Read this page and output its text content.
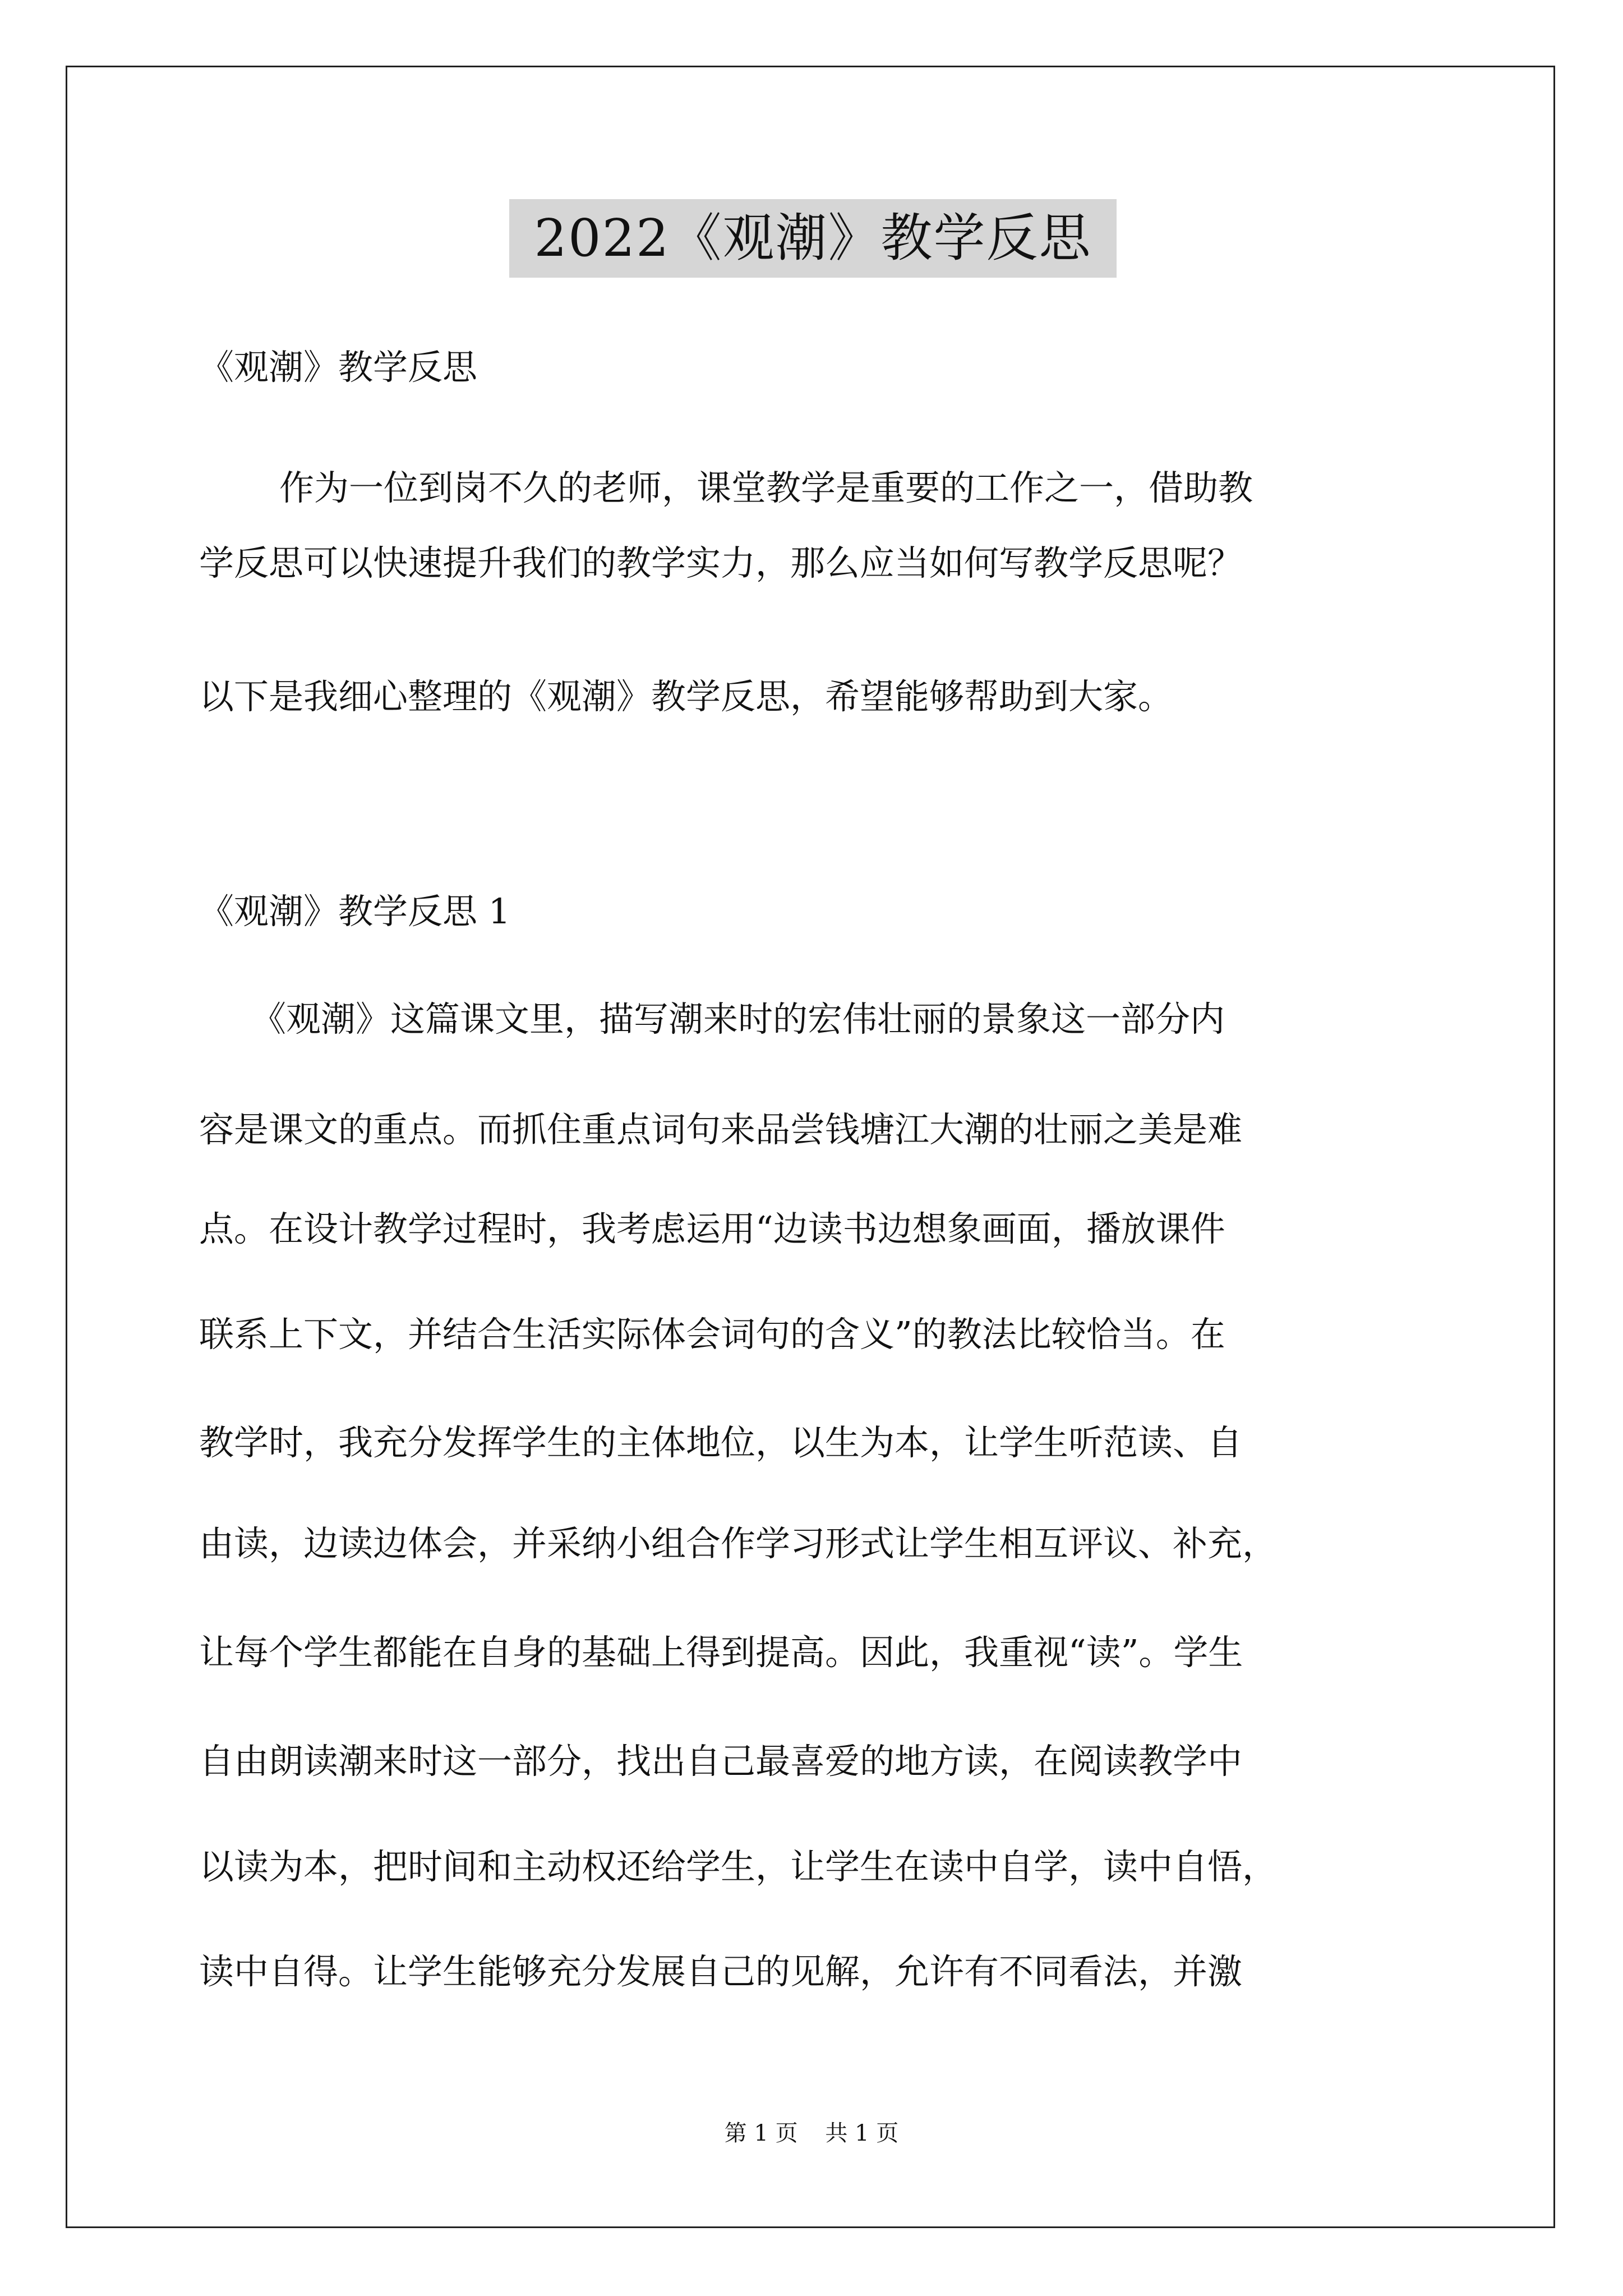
2022《观潮》教学反思
《观潮》教学反思
作为一位到岗不久的老师，课堂教学是重要的工作之一，借助教
学反思可以快速提升我们的教学实力，那么应当如何写教学反思呢？
以下是我细心整理的《观潮》教学反思，希望能够帮助到大家。
《观潮》教学反思 1
《观潮》这篇课文里，描写潮来时的宏伟壮丽的景象这一部分内
容是课文的重点。而抓住重点词句来品尝钱塘江大潮的壮丽之美是难
点。在设计教学过程时，我考虑运用“边读书边想象画面，播放课件
联系上下文，并结合生活实际体会词句的含义”的教法比较恰当。在
教学时，我充分发挥学生的主体地位，以生为本，让学生听范读、自
由读，边读边体会，并采纳小组合作学习形式让学生相互评议、补充，
让每个学生都能在自身的基础上得到提高。因此，我重视“读”。学生
自由朗读潮来时这一部分，找出自己最喜爱的地方读，在阅读教学中
以读为本，把时间和主动权还给学生，让学生在读中自学，读中自悟，
读中自得。让学生能够充分发展自己的见解，允许有不同看法，并激
第 1 页 共 1 页
